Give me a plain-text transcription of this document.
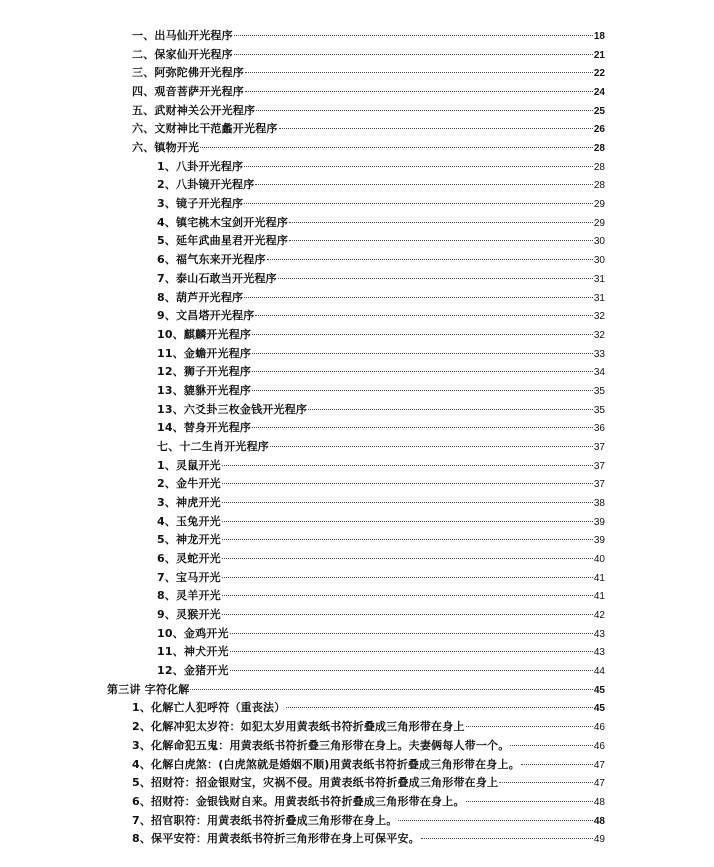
一、出马仙开光程序	18
二、保家仙开光程序	21
三、阿弥陀佛开光程序	22
四、观音菩萨开光程序	24
五、武财神关公开光程序	25
六、文财神比干范蠡开光程序	26
六、镇物开光	28
1、八卦开光程序	28
2、八卦镜开光程序	28
3、镜子开光程序	29
4、镇宅桃木宝剑开光程序	29
5、延年武曲星君开光程序	30
6、福气东来开光程序	30
7、泰山石敢当开光程序	31
8、葫芦开光程序	31
9、文昌塔开光程序	32
10、麒麟开光程序	32
11、金蟾开光程序	33
12、狮子开光程序	34
13、貔貅开光程序	35
13、六爻卦三枚金钱开光程序	35
14、替身开光程序	36
七、十二生肖开光程序	37
1、灵鼠开光	37
2、金牛开光	37
3、神虎开光	38
4、玉兔开光	39
5、神龙开光	39
6、灵蛇开光	40
7、宝马开光	41
8、灵羊开光	41
9、灵猴开光	42
10、金鸡开光	43
11、神犬开光	43
12、金猪开光	44
第三讲 字符化解	45
1、化解亡人犯呼符（重丧法）	45
2、化解冲犯太岁符：如犯太岁用黄表纸书符折叠成三角形带在身上	46
3、化解命犯五鬼：用黄表纸书符折叠三角形带在身上。夫妻俩每人带一个。	46
4、化解白虎煞：(白虎煞就是婚姻不顺)用黄表纸书符折叠成三角形带在身上。	47
5、招财符：招金银财宝，灾祸不侵。用黄表纸书符折叠成三角形带在身上	47
6、招财符：金银钱财自来。用黄表纸书符折叠成三角形带在身上。	48
7、招官职符：用黄表纸书符折叠成三角形带在身上。	48
8、保平安符：用黄表纸书符折三角形带在身上可保平安。	49
